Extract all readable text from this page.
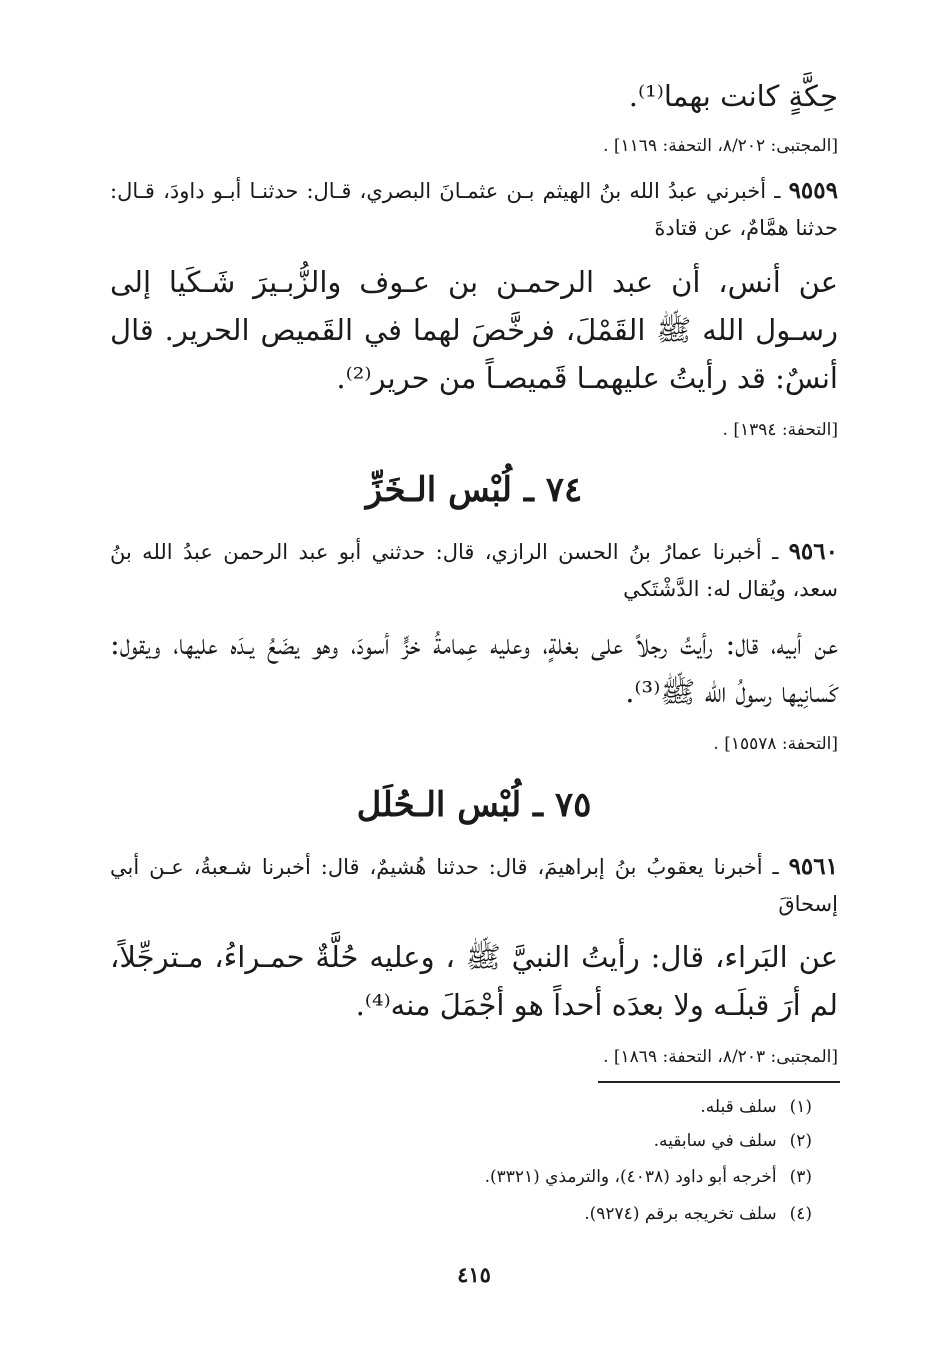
حِكَّةٍ كانت بهما⁽¹⁾.
[المجتبى: ٨/٢٠٢، التحفة: ١١٦٩] .
٩٥٥٩ ـ أخبرني عبدُ الله بنُ الهيثم بـن عثمـانَ البصري، قـال: حدثنـا أبـو داودَ، قـال: حدثنا همَّامٌ، عن قتادةَ
عن أنس، أن عبد الرحمـن بن عـوف والزُّبـيرَ شَـكَيا إلى رسـول الله ﷺ القَمْلَ، فرخَّصَ لهما في القَميص الحرير. قال أنسٌ: قد رأيتُ عليهمـا قَميصـاً من حرير⁽²⁾.
[التحفة: ١٣٩٤] .
٧٤ ـ لُبْس الـخَزِّ
٩٥٦٠ ـ أخبرنا عمارُ بنُ الحسن الرازي، قال: حدثني أبو عبد الرحمن عبدُ الله بنُ سعد، ويُقال له: الدَّشْتَكي
عن أبيه، قال: رأيتُ رجلاً على بغلةٍ، وعليه عِمامةُ خزٍّ أسودَ، وهو يضَعُ يـدَه عليها، ويقول: كَسانِيها رسولُ الله ﷺ⁽³⁾.
[التحفة: ١٥٥٧٨] .
٧٥ ـ لُبْس الـحُلَل
٩٥٦١ ـ أخبرنا يعقوبُ بنُ إبراهيمَ، قال: حدثنا هُشيمٌ، قال: أخبرنا شـعبةُ، عـن أبي إسحاقَ
عن البَراء، قال: رأيتُ النبيَّ ﷺ ، وعليه حُلَّةٌ حمـراءُ، مـترجِّلاً، لم أرَ قبلَـه ولا بعدَه أحداً هو أجْمَلَ منه⁽⁴⁾.
[المجتبى: ٨/٢٠٣، التحفة: ١٨٦٩] .
(١) سلف قبله.
(٢) سلف في سابقيه.
(٣) أخرجه أبو داود (٤٠٣٨)، والترمذي (٣٣٢١).
(٤) سلف تخريجه برقم (٩٢٧٤).
٤١٥
